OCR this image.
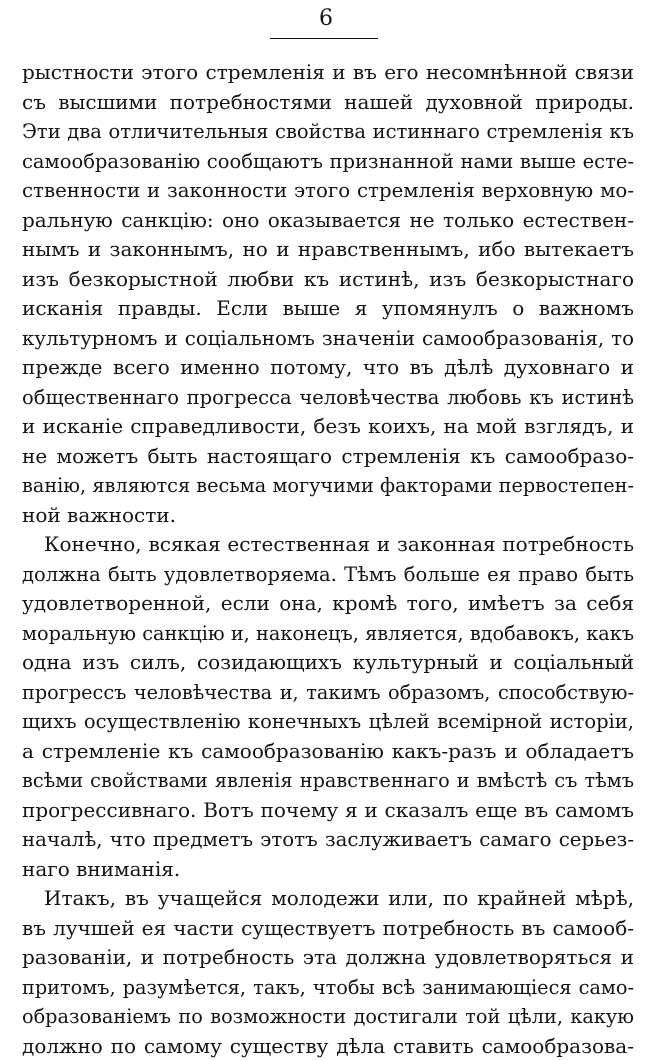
6
рыстности этого стремленія и въ его несомнѣнной связи
съ высшими потребностями нашей духовной природы.
Эти два отличительныя свойства истиннаго стремленія къ
самообразованію сообщаютъ признанной нами выше есте-
ственности и законности этого стремленія верховную мо-
ральную санкцію: оно оказывается не только естествен-
нымъ и законнымъ, но и нравственнымъ, ибо вытекаетъ
изъ безкорыстной любви къ истинѣ, изъ безкорыстнаго
исканія правды. Если выше я упомянулъ о важномъ
культурномъ и соціальномъ значеніи самообразованія, то
прежде всего именно потому, что въ дѣлѣ духовнаго и
общественнаго прогресса человѣчества любовь къ истинѣ
и исканіе справедливости, безъ коихъ, на мой взглядъ, и
не можетъ быть настоящаго стремленія къ самообразо-
ванію, являются весьма могучими факторами первостепен-
ной важности.
Конечно, всякая естественная и законная потребность
должна быть удовлетворяема. Тѣмъ больше ея право быть
удовлетворенной, если она, кромѣ того, имѣетъ за себя
моральную санкцію и, наконецъ, является, вдобавокъ, какъ
одна изъ силъ, созидающихъ культурный и соціальный
прогрессъ человѣчества и, такимъ образомъ, способствую-
щихъ осуществленію конечныхъ цѣлей всемірной исторіи,
а стремленіе къ самообразованію какъ-разъ и обладаетъ
всѣми свойствами явленія нравственнаго и вмѣстѣ съ тѣмъ
прогрессивнаго. Вотъ почему я и сказалъ еще въ самомъ
началѣ, что предметъ этотъ заслуживаетъ самаго серьез-
наго вниманія.
Итакъ, въ учащейся молодежи или, по крайней мѣрѣ,
въ лучшей ея части существуетъ потребность въ самооб-
разованіи, и потребность эта должна удовлетворяться и
притомъ, разумѣется, такъ, чтобы всѣ занимающіеся само-
образованіемъ по возможности достигали той цѣли, какую
должно по самому существу дѣла ставить самообразова-
